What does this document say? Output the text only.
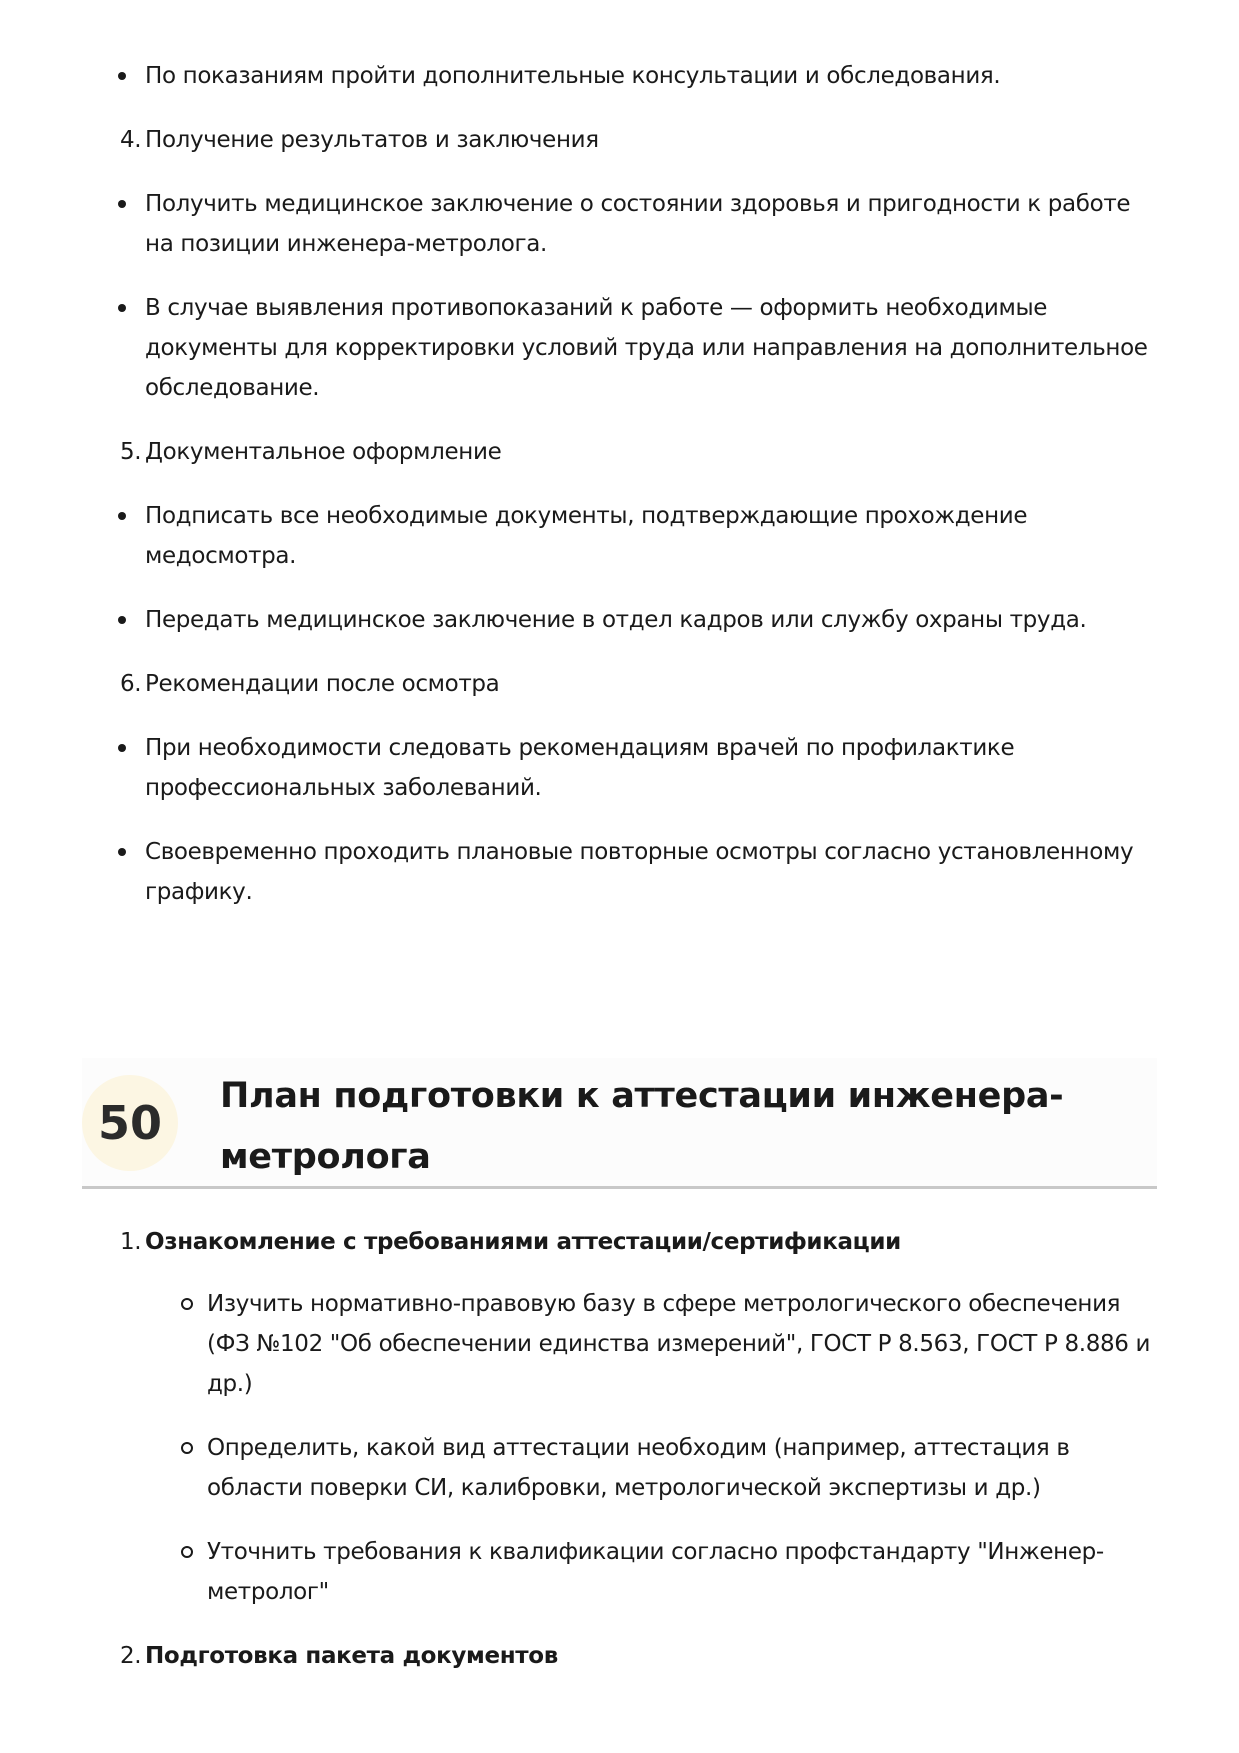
По показаниям пройти дополнительные консультации и обследования.
4. Получение результатов и заключения
Получить медицинское заключение о состоянии здоровья и пригодности к работе на позиции инженера-метролога.
В случае выявления противопоказаний к работе — оформить необходимые документы для корректировки условий труда или направления на дополнительное обследование.
5. Документальное оформление
Подписать все необходимые документы, подтверждающие прохождение медосмотра.
Передать медицинское заключение в отдел кадров или службу охраны труда.
6. Рекомендации после осмотра
При необходимости следовать рекомендациям врачей по профилактике профессиональных заболеваний.
Своевременно проходить плановые повторные осмотры согласно установленному графику.
50	План подготовки к аттестации инженера-
метролога
1. Ознакомление с требованиями аттестации/сертификации
Изучить нормативно-правовую базу в сфере метрологического обеспечения (ФЗ №102 "Об обеспечении единства измерений", ГОСТ Р 8.563, ГОСТ Р 8.886 и др.)
Определить, какой вид аттестации необходим (например, аттестация в области поверки СИ, калибровки, метрологической экспертизы и др.)
Уточнить требования к квалификации согласно профстандарту "Инженер-метролог"
2. Подготовка пакета документов
